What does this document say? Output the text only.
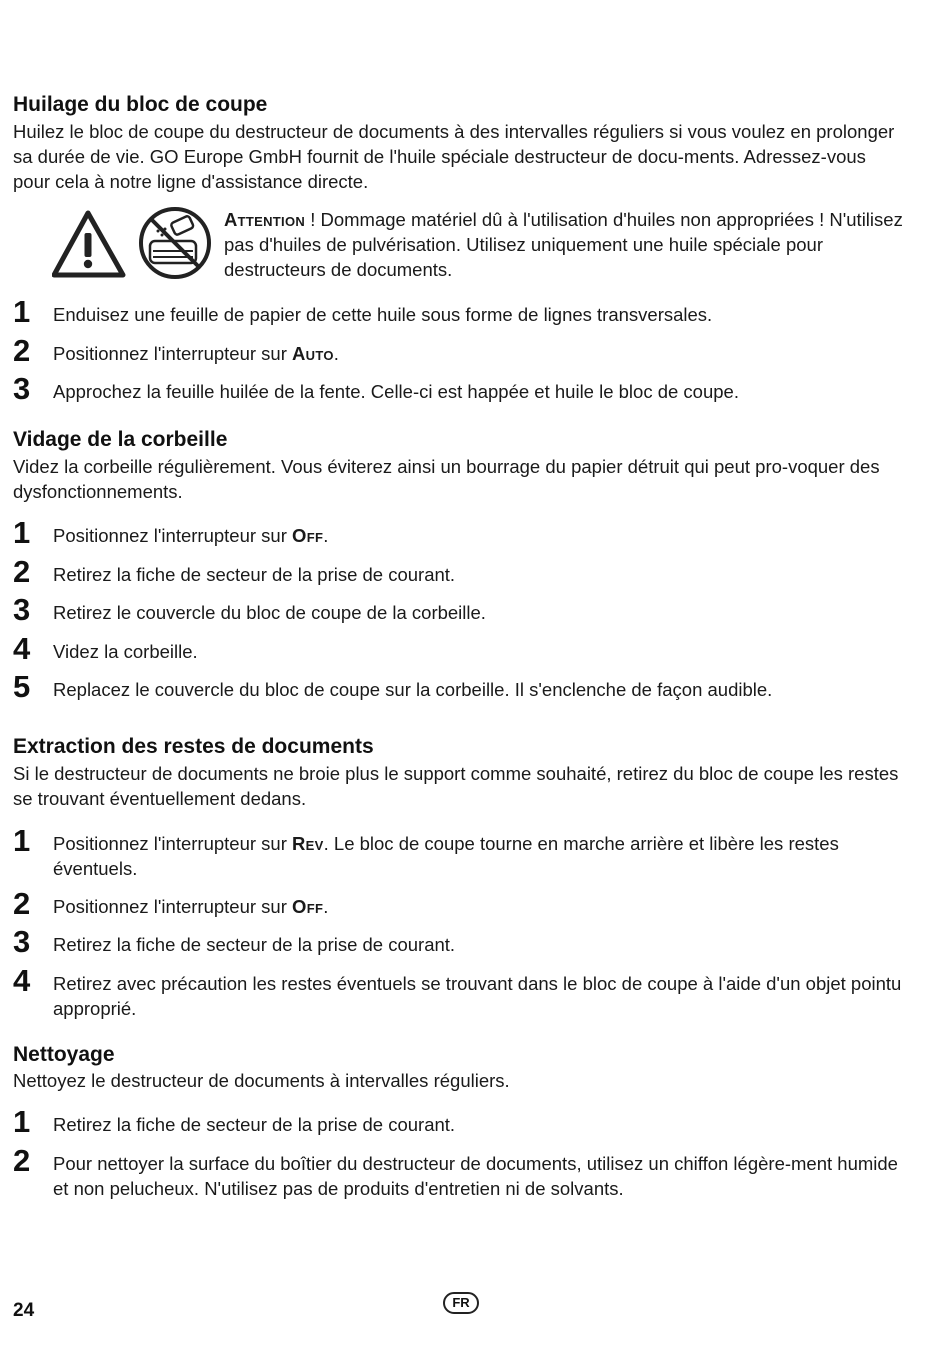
Huilage du bloc de coupe
Huilez le bloc de coupe du destructeur de documents à des intervalles réguliers si vous voulez en prolonger sa durée de vie. GO Europe GmbH fournit de l'huile spéciale destructeur de docu-ments. Adressez-vous pour cela à notre ligne d'assistance directe.
Attention ! Dommage matériel dû à l'utilisation d'huiles non appropriées ! N'utilisez pas d'huiles de pulvérisation. Utilisez uniquement une huile spéciale pour destructeurs de documents.
1 Enduisez une feuille de papier de cette huile sous forme de lignes transversales.
2 Positionnez l'interrupteur sur Auto.
3 Approchez la feuille huilée de la fente. Celle-ci est happée et huile le bloc de coupe.
Vidage de la corbeille
Videz la corbeille régulièrement. Vous éviterez ainsi un bourrage du papier détruit qui peut pro-voquer des dysfonctionnements.
1 Positionnez l'interrupteur sur Off.
2 Retirez la fiche de secteur de la prise de courant.
3 Retirez le couvercle du bloc de coupe de la corbeille.
4 Videz la corbeille.
5 Replacez le couvercle du bloc de coupe sur la corbeille. Il s'enclenche de façon audible.
Extraction des restes de documents
Si le destructeur de documents ne broie plus le support comme souhaité, retirez du bloc de coupe les restes se trouvant éventuellement dedans.
1 Positionnez l'interrupteur sur Rev. Le bloc de coupe tourne en marche arrière et libère les restes éventuels.
2 Positionnez l'interrupteur sur Off.
3 Retirez la fiche de secteur de la prise de courant.
4 Retirez avec précaution les restes éventuels se trouvant dans le bloc de coupe à l'aide d'un objet pointu approprié.
Nettoyage
Nettoyez le destructeur de documents à intervalles réguliers.
1 Retirez la fiche de secteur de la prise de courant.
2 Pour nettoyer la surface du boîtier du destructeur de documents, utilisez un chiffon légère-ment humide et non pelucheux. N'utilisez pas de produits d'entretien ni de solvants.
24	FR
